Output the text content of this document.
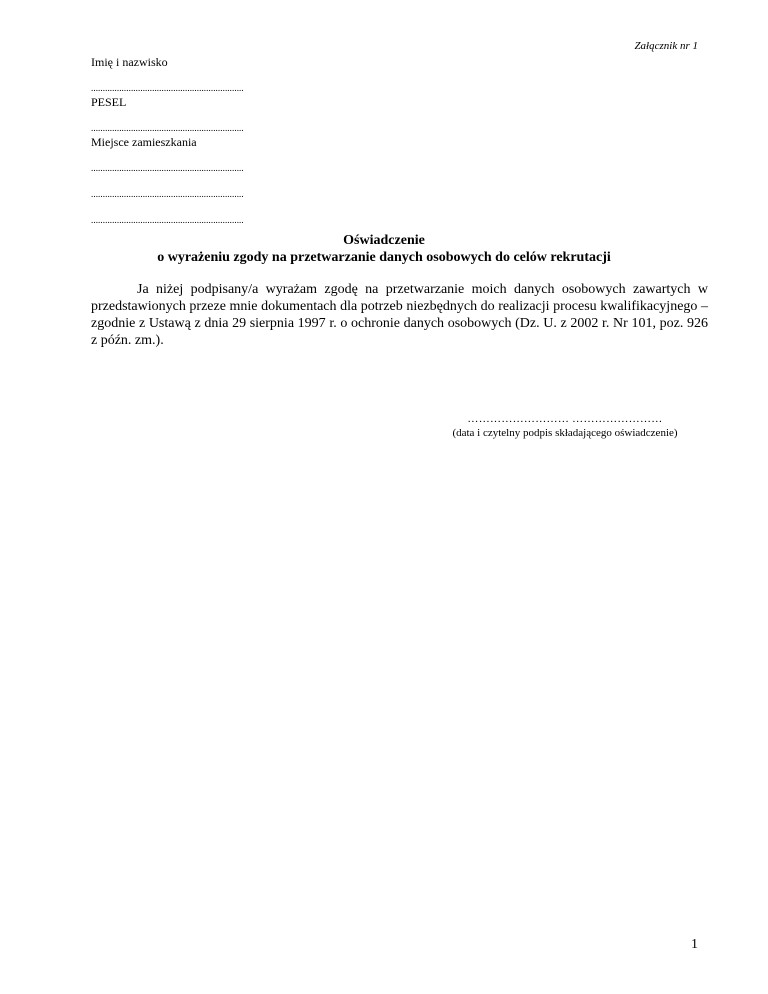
Załącznik nr 1
Imię i nazwisko
.................................................................
PESEL
.................................................................
Miejsce zamieszkania
.................................................................
.................................................................
.................................................................
Oświadczenie
o wyrażeniu zgody na przetwarzanie danych osobowych do celów rekrutacji
Ja niżej podpisany/a wyrażam zgodę na przetwarzanie moich danych osobowych zawartych w przedstawionych przeze mnie dokumentach dla potrzeb niezbędnych do realizacji procesu kwalifikacyjnego – zgodnie z Ustawą z dnia 29 sierpnia 1997 r. o ochronie danych osobowych (Dz. U. z 2002 r. Nr 101, poz. 926 z późn. zm.).
……………………… ……………………
(data i czytelny podpis składającego oświadczenie)
1
